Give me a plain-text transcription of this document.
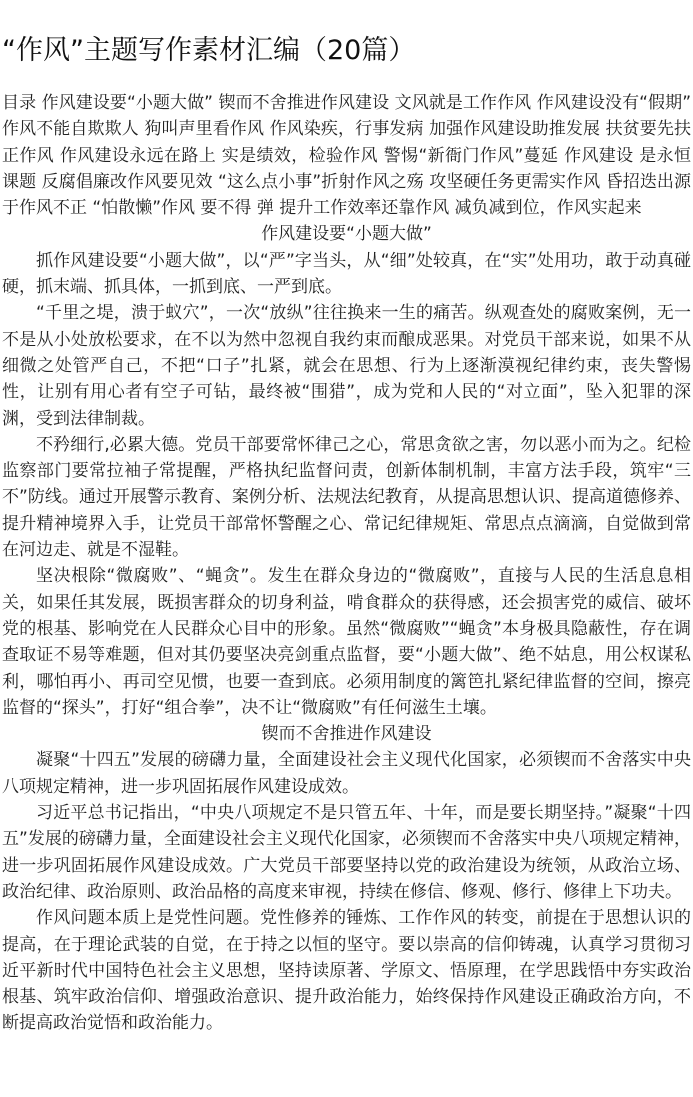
“作风”主题写作素材汇编（20篇）

目录 作风建设要“小题大做” 锲而不舍推进作风建设 文风就是工作作风 作风建设没有“假期” 作风不能自欺欺人 狗叫声里看作风 作风染疾，行事发病 加强作风建设助推发展 扶贫要先扶正作风 作风建设永远在路上 实是绩效，检验作风 警惕“新衙门作风”蔓延 作风建设 是永恒课题 反腐倡廉改作风要见效 “这么点小事”折射作风之殇 攻坚硬任务更需实作风 昏招迭出源于作风不正 “怕散懒”作风 要不得 弹 提升工作效率还靠作风 减负减到位，作风实起来

作风建设要“小题大做”

抓作风建设要“小题大做”，以“严”字当头，从“细”处较真，在“实”处用功，敢于动真碰硬，抓末端、抓具体，一抓到底、一严到底。

“千里之堤，溃于蚁穴”，一次“放纵”往往换来一生的痛苦。纵观查处的腐败案例，无一不是从小处放松要求，在不以为然中忽视自我约束而酿成恶果。对党员干部来说，如果不从细微之处管严自己，不把“口子”扎紧，就会在思想、行为上逐渐漠视纪律约束，丧失警惕性，让别有用心者有空子可钻，最终被“围猎”，成为党和人民的“对立面”，坠入犯罪的深渊，受到法律制裁。

不矜细行,必累大德。党员干部要常怀律己之心，常思贪欲之害，勿以恶小而为之。纪检监察部门要常拉袖子常提醒，严格执纪监督问责，创新体制机制，丰富方法手段，筑牢“三不”防线。通过开展警示教育、案例分析、法规法纪教育，从提高思想认识、提高道德修养、提升精神境界入手，让党员干部常怀警醒之心、常记纪律规矩、常思点点滴滴，自觉做到常在河边走、就是不湿鞋。

坚决根除“微腐败”、“蝇贪”。发生在群众身边的“微腐败”，直接与人民的生活息息相关，如果任其发展，既损害群众的切身利益，啃食群众的获得感，还会损害党的威信、破坏党的根基、影响党在人民群众心目中的形象。虽然“微腐败”“蝇贪”本身极具隐蔽性，存在调查取证不易等难题，但对其仍要坚决亮剑重点监督，要“小题大做”、绝不姑息，用公权谋私利，哪怕再小、再司空见惯，也要一查到底。必须用制度的篱笆扎紧纪律监督的空间，擦亮监督的“探头”，打好“组合拳”，决不让“微腐败”有任何滋生土壤。

锲而不舍推进作风建设

凝聚“十四五”发展的磅礴力量，全面建设社会主义现代化国家，必须锲而不舍落实中央八项规定精神，进一步巩固拓展作风建设成效。

习近平总书记指出，“中央八项规定不是只管五年、十年，而是要长期坚持。”凝聚“十四五”发展的磅礴力量，全面建设社会主义现代化国家，必须锲而不舍落实中央八项规定精神，进一步巩固拓展作风建设成效。广大党员干部要坚持以党的政治建设为统领，从政治立场、政治纪律、政治原则、政治品格的高度来审视，持续在修信、修观、修行、修律上下功夫。

作风问题本质上是党性问题。党性修养的锤炼、工作作风的转变，前提在于思想认识的提高，在于理论武装的自觉，在于持之以恒的坚守。要以崇高的信仰铸魂，认真学习贯彻习近平新时代中国特色社会主义思想，坚持读原著、学原文、悟原理，在学思践悟中夯实政治根基、筑牢政治信仰、增强政治意识、提升政治能力，始终保持作风建设正确政治方向，不断提高政治觉悟和政治能力。
